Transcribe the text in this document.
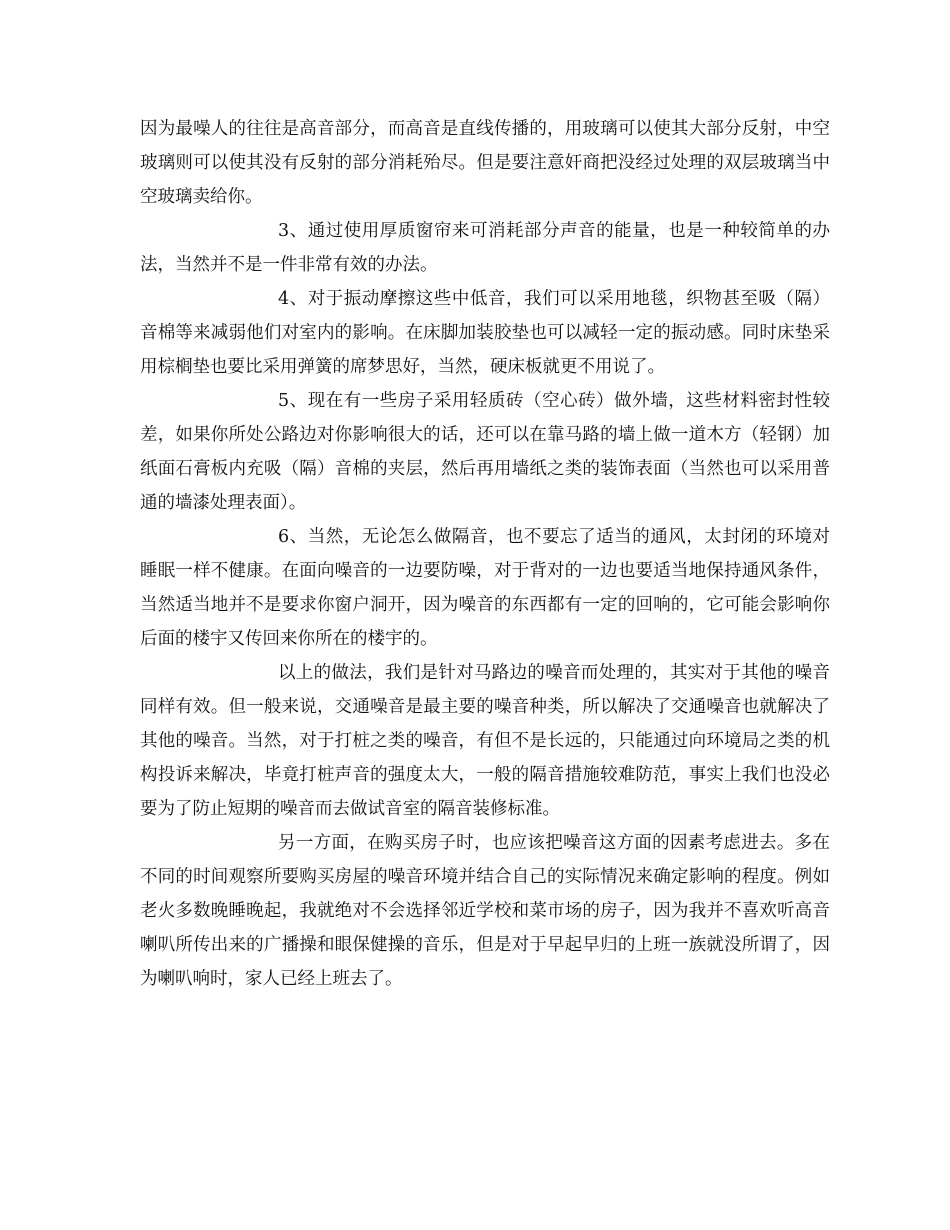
因为最噪人的往往是高音部分，而高音是直线传播的，用玻璃可以使其大部分反射，中空玻璃则可以使其没有反射的部分消耗殆尽。但是要注意奸商把没经过处理的双层玻璃当中空玻璃卖给你。

3、通过使用厚质窗帘来可消耗部分声音的能量，也是一种较简单的办法，当然并不是一件非常有效的办法。

4、对于振动摩擦这些中低音，我们可以采用地毯，织物甚至吸（隔）音棉等来减弱他们对室内的影响。在床脚加装胶垫也可以减轻一定的振动感。同时床垫采用棕榈垫也要比采用弹簧的席梦思好，当然，硬床板就更不用说了。

5、现在有一些房子采用轻质砖（空心砖）做外墙，这些材料密封性较差，如果你所处公路边对你影响很大的话，还可以在靠马路的墙上做一道木方（轻钢）加纸面石膏板内充吸（隔）音棉的夹层，然后再用墙纸之类的装饰表面（当然也可以采用普通的墙漆处理表面）。

6、当然，无论怎么做隔音，也不要忘了适当的通风，太封闭的环境对睡眠一样不健康。在面向噪音的一边要防噪，对于背对的一边也要适当地保持通风条件，当然适当地并不是要求你窗户洞开，因为噪音的东西都有一定的回响的，它可能会影响你后面的楼宇又传回来你所在的楼宇的。

以上的做法，我们是针对马路边的噪音而处理的，其实对于其他的噪音同样有效。但一般来说，交通噪音是最主要的噪音种类，所以解决了交通噪音也就解决了其他的噪音。当然，对于打桩之类的噪音，有但不是长远的，只能通过向环境局之类的机构投诉来解决，毕竟打桩声音的强度太大，一般的隔音措施较难防范，事实上我们也没必要为了防止短期的噪音而去做试音室的隔音装修标准。

另一方面，在购买房子时，也应该把噪音这方面的因素考虑进去。多在不同的时间观察所要购买房屋的噪音环境并结合自己的实际情况来确定影响的程度。例如老火多数晚睡晚起，我就绝对不会选择邻近学校和菜市场的房子，因为我并不喜欢听高音喇叭所传出来的广播操和眼保健操的音乐，但是对于早起早归的上班一族就没所谓了，因为喇叭响时，家人已经上班去了。
